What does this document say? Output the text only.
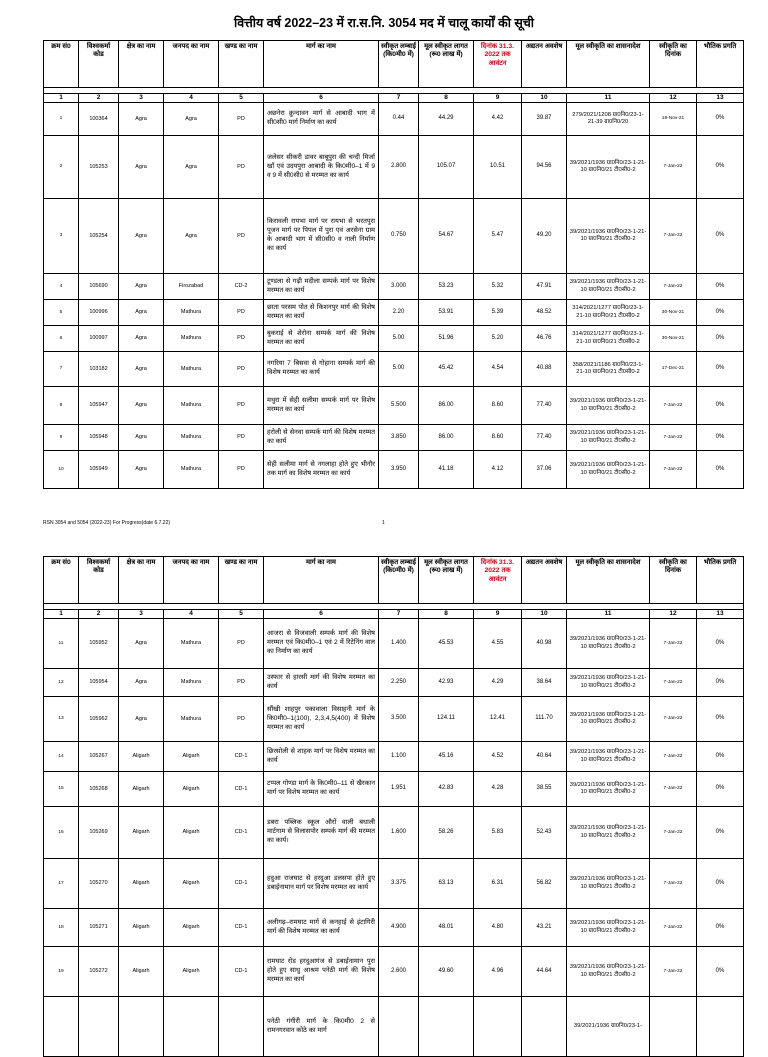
वित्तीय वर्ष 2022–23 में रा.स.नि. 3054 मद में चालू कार्यों की सूची
क्रम सं0	विश्वकर्मा कोड	क्षेत्र का नाम	जनपद का नाम	खण्ड का नाम	मार्ग का नाम	स्वीकृत लम्बाई (कि0मी0 में)	मूल स्वीकृत लागत (रू0 लाख में)	दिनांक 31.3. 2022 तक आवंटन	अद्यतन अवशेष	मूल स्वीकृति का शासनादेश	स्वीकृति का दिनांक	भौतिक प्रगति

1	2	3	4	5	6	7	8	9	10	11	12	13
1	100364	Agra	Agra	PD	अछनेरा क्रुन्दावन मार्ग से आबादी भाग में सी0सी0 मार्ग निर्माण का कार्य	0.44	44.29	4.42	39.87	279/2021/1208 ग्रा0नि0/23-1-21-39 ग्रा0नि0/20	18-Nov-21	0%
2	105253	Agra	Agra	PD	जलेसर सीकरी डावर बाबूपुरा की चन्दी मिर्जा खाँ एवं उदयपुरा आबादी के कि0मी0–1 में 9 व 9 में सी0सी0 से मरम्मत का कार्य	2.800	105.07	10.51	94.56	39/2021/1936 ग्रा0नि0/23-1-21-10 ग्रा0नि0/21 टी0सी0-2	7-Jan-22	0%
3	105254	Agra	Agra	PD	किरावली रायभा मार्ग पर रायभा से भरतपुरा पूजन मार्ग पर पिपल में पुरा एवं अरसेना ग्राम के आबादी भाग में सी0सी0 व नाली निर्माण का कार्य	0.750	54.67	5.47	49.20	39/2021/1936 ग्रा0नि0/23-1-21-10 ग्रा0नि0/21 टी0सी0-2	7-Jan-22	0%
4	105690	Agra	Firozabad	CD-2	टूण्डला से गढ़ी मदीला सम्पर्क मार्ग पर विशेष मरम्मत का कार्य	3.000	53.23	5.32	47.91	39/2021/1936 ग्रा0नि0/23-1-21-10 ग्रा0नि0/21 टी0सी0-2	7-Jan-22	0%
5	100996	Agra	Mathura	PD	छाता परसम पोत से किशनपुर मार्ग की विशेष मरम्मत का कार्य	2.20	53.91	5.39	48.52	314/2021/1277 ग्रा0नि0/23-1-21-10 ग्रा0नि0/21 टी0सी0-2	30-Nov-21	0%
6	100997	Agra	Mathura	PD	बुकराई से शेरोना सम्पर्क मार्ग की विशेष मरम्मत का कार्य	5.00	51.96	5.20	46.76	314/2021/1277 ग्रा0नि0/23-1-21-10 ग्रा0नि0/21 टी0सी0-2	30-Nov-21	0%
7	103182	Agra	Mathura	PD	नगरिया 7 बिसवा से गोहाना सम्पर्क मार्ग की विशेष मरम्मत का कार्य	5.00	45.42	4.54	40.88	358/2021/1186 ग्रा0नि0/23-1-21-10 ग्रा0नि0/21 टी0सी0-2	17-Dec-21	0%
8	105947	Agra	Mathura	PD	मथुरा में सेही सलीमा सम्पर्क मार्ग पर विशेष मरम्मत का कार्य	5.500	86.00	8.60	77.40	39/2021/1936 ग्रा0नि0/23-1-21-10 ग्रा0नि0/21 टी0सी0-2	7-Jan-22	0%
9	105948	Agra	Mathura	PD	हरोली से सेनवा सम्पर्क मार्ग की विशेष मरम्मत का कार्य	3.850	86.00	8.60	77.40	39/2021/1936 ग्रा0नि0/23-1-21-10 ग्रा0नि0/21 टी0सी0-2	7-Jan-22	0%
10	105949	Agra	Mathura	PD	सेही सलीमा मार्ग से नगलाहा होते हुए भीनौर तक मार्ग का विशेष मरम्मत का कार्य	3.950	41.18	4.12	37.06	39/2021/1936 ग्रा0नि0/23-1-21-10 ग्रा0नि0/21 टी0सी0-2	7-Jan-22	0%
RSN 3054 and 5054 (2022-23) For Progress(date 6.7.22)	1
क्रम सं0	विश्वकर्मा कोड	क्षेत्र का नाम	जनपद का नाम	खण्ड का नाम	मार्ग का नाम	स्वीकृत लम्बाई (कि0मी0 में)	मूल स्वीकृत लागत (रू0 लाख में)	दिनांक 31.3. 2022 तक आवंटन	अद्यतन अवशेष	मूल स्वीकृति का शासनादेश	स्वीकृति का दिनांक	भौतिक प्रगति

1	2	3	4	5	6	7	8	9	10	11	12	13
11	105952	Agra	Mathura	PD	आजरा से विजवाली सम्पर्क मार्ग की विशेष मरम्मत एवं कि0मी0–1 एवं 2 में रिटेनिंग वाल का निर्माण का कार्य	1.400	45.53	4.55	40.98	39/2021/1936 ग्रा0नि0/23-1-21-10 ग्रा0नि0/21 टी0सी0-2	7-Jan-22	0%
12	105954	Agra	Mathura	PD	उस्फार से हारसी मार्ग की विशेष मरम्मत का कार्य	2.250	42.93	4.29	38.64	39/2021/1936 ग्रा0नि0/23-1-21-10 ग्रा0नि0/21 टी0सी0-2	7-Jan-22	0%
13	105962	Agra	Mathura	PD	सौंखी शाहपुर पकावाला विसाहनी मार्ग के कि0मी0–1(100), 2,3,4,5(400) में विशेष मरम्मत का कार्य	3.500	124.11	12.41	111.70	39/2021/1936 ग्रा0नि0/23-1-21-10 ग्रा0नि0/21 टी0सी0-2	7-Jan-22	0%
14	105267	Aligarh	Aligarh	CD-1	छिरसोली से शाहक मार्ग पर विशेष मरम्मत का कार्य	1.100	45.16	4.52	40.64	39/2021/1936 ग्रा0नि0/23-1-21-10 ग्रा0नि0/21 टी0सी0-2	7-Jan-22	0%
15	105268	Aligarh	Aligarh	CD-1	टप्पल गोण्डा मार्ग के कि0मी0–11 से खैरकान मार्ग पर विशेष मरम्मत का कार्य	1.951	42.83	4.28	38.55	39/2021/1936 ग्रा0नि0/23-1-21-10 ग्रा0नि0/21 टी0सी0-2	7-Jan-22	0%
16	105269	Aligarh	Aligarh	CD-1	डबरा पब्लिक स्कूल औरों वाली बधाली मार्टगाम से विलासपोर सम्पर्क मार्ग की मरम्मत का कार्य।	1.600	58.26	5.83	52.43	39/2021/1936 ग्रा0नि0/23-1-21-10 ग्रा0नि0/21 टी0सी0-2	7-Jan-22	0%
17	105270	Aligarh	Aligarh	CD-1	हदुआ राजघाट से हरदुआ डलसपा होते हुए डबाईनामान मार्ग पर विशेष मरम्मत का कार्य	3.375	63.13	6.31	56.82	39/2021/1936 ग्रा0नि0/23-1-21-10 ग्रा0नि0/21 टी0सी0-2	7-Jan-22	0%
18	105271	Aligarh	Aligarh	CD-1	अलीगढ़–रामघाट मार्ग से कनहाई से इंटागिरी मार्ग की विशेष मरम्मत का कार्य	4.900	48.01	4.80	43.21	39/2021/1936 ग्रा0नि0/23-1-21-10 ग्रा0नि0/21 टी0सी0-2	7-Jan-22	0%
19	105272	Aligarh	Aligarh	CD-1	रामघाट रोड हरदुआगंज से डबाईनामान पुरा होते हुए साधु आश्रम पनेठी मार्ग की विशेष मरम्मत का कार्य	2.600	49.60	4.96	44.64	39/2021/1936 ग्रा0नि0/23-1-21-10 ग्रा0नि0/21 टी0सी0-2	7-Jan-22	0%
					पनेठी गंगीरी मार्ग के कि0मी0 2 से रामनगरवान कोठे का मार्ग					39/2021/1936 ग्रा0नि0/23-1-		
